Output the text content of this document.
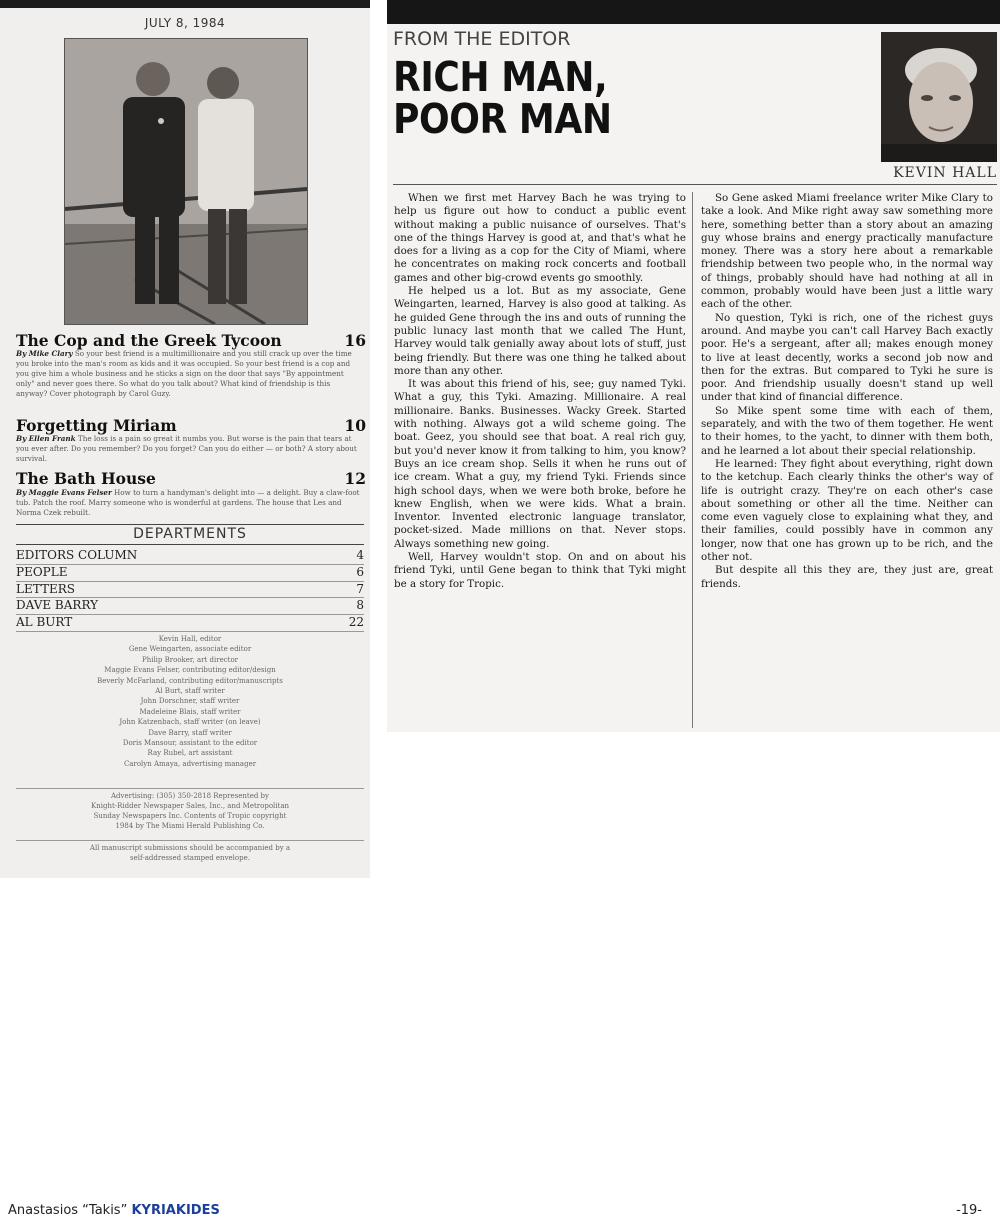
JULY 8, 1984
The Cop and the Greek Tycoon	16
By Mike Clary So your best friend is a multimillionaire and you still crack up over the time you broke into the man's room as kids and it was occupied. So your best friend is a cop and you give him a whole business and he sticks a sign on the door that says "By appointment only" and never goes there. So what do you talk about? What kind of friendship is this anyway? Cover photograph by Carol Guzy.
Forgetting Miriam	10
By Ellen Frank The loss is a pain so great it numbs you. But worse is the pain that tears at you ever after. Do you remember? Do you forget? Can you do either — or both? A story about survival.
The Bath House	12
By Maggie Evans Felser How to turn a handyman's delight into — a delight. Buy a claw-foot tub. Patch the roof. Marry someone who is wonderful at gardens. The house that Les and Norma Czek rebuilt.
DEPARTMENTS
EDITORS COLUMN	4
PEOPLE	6
LETTERS	7
DAVE BARRY	8
AL BURT	22
Kevin Hall, editor
Gene Weingarten, associate editor
Philip Brooker, art director
Maggie Evans Felser, contributing editor/design
Beverly McFarland, contributing editor/manuscripts
Al Burt, staff writer
John Dorschner, staff writer
Madeleine Blais, staff writer
John Katzenbach, staff writer (on leave)
Dave Barry, staff writer
Doris Mansour, assistant to the editor
Ray Rubel, art assistant
Carolyn Amaya, advertising manager
Advertising: (305) 350-2818 Represented by
Knight-Ridder Newspaper Sales, Inc., and Metropolitan
Sunday Newspapers Inc. Contents of Tropic copyright
1984 by The Miami Herald Publishing Co.
All manuscript submissions should be accompanied by a
self-addressed stamped envelope.
FROM THE EDITOR
RICH MAN,
POOR MAN
KEVIN HALL

When we first met Harvey Bach he was trying to help us figure out how to conduct a public event without making a public nuisance of ourselves. That's one of the things Harvey is good at, and that's what he does for a living as a cop for the City of Miami, where he concentrates on making rock concerts and football games and other big-crowd events go smoothly.

He helped us a lot. But as my associate, Gene Weingarten, learned, Harvey is also good at talking. As he guided Gene through the ins and outs of running the public lunacy last month that we called The Hunt, Harvey would talk genially away about lots of stuff, just being friendly. But there was one thing he talked about more than any other.

It was about this friend of his, see; guy named Tyki. What a guy, this Tyki. Amazing. Millionaire. A real millionaire. Banks. Businesses. Wacky Greek. Started with nothing. Always got a wild scheme going. The boat. Geez, you should see that boat. A real rich guy, but you'd never know it from talking to him, you know? Buys an ice cream shop. Sells it when he runs out of ice cream. What a guy, my friend Tyki. Friends since high school days, when we were both broke, before he knew English, when we were kids. What a brain. Inventor. Invented electronic language translator, pocket-sized. Made millions on that. Never stops. Always something new going.

Well, Harvey wouldn't stop. On and on about his friend Tyki, until Gene began to think that Tyki might be a story for Tropic.

So Gene asked Miami freelance writer Mike Clary to take a look. And Mike right away saw something more here, something better than a story about an amazing guy whose brains and energy practically manufacture money. There was a story here about a remarkable friendship between two people who, in the normal way of things, probably should have had nothing at all in common, probably would have been just a little wary each of the other.

No question, Tyki is rich, one of the richest guys around. And maybe you can't call Harvey Bach exactly poor. He's a sergeant, after all; makes enough money to live at least decently, works a second job now and then for the extras. But compared to Tyki he sure is poor. And friendship usually doesn't stand up well under that kind of financial difference.

So Mike spent some time with each of them, separately, and with the two of them together. He went to their homes, to the yacht, to dinner with them both, and he learned a lot about their special relationship.

He learned: They fight about everything, right down to the ketchup. Each clearly thinks the other's way of life is outright crazy. They're on each other's case about something or other all the time. Neither can come even vaguely close to explaining what they, and their families, could possibly have in common any longer, now that one has grown up to be rich, and the other not.

But despite all this they are, they just are, great friends.

Anastasios “Takis” KYRIAKIDES	-19-
